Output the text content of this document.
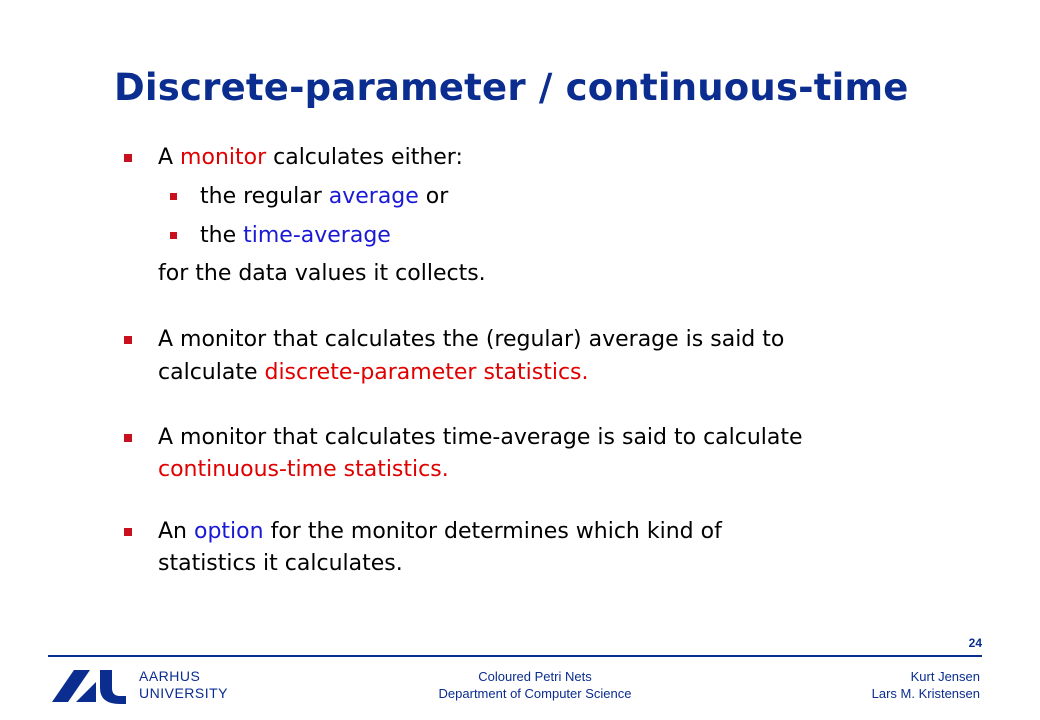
Discrete-parameter / continuous-time
A monitor calculates either:
the regular average or
the time-average
for the data values it collects.
A monitor that calculates the (regular) average is said to
calculate discrete-parameter statistics.
A monitor that calculates time-average is said to calculate
continuous-time statistics.
An option for the monitor determines which kind of
statistics it calculates.
24
AARHUS
UNIVERSITY
Coloured Petri Nets
Department of Computer Science
Kurt Jensen
Lars M. Kristensen
